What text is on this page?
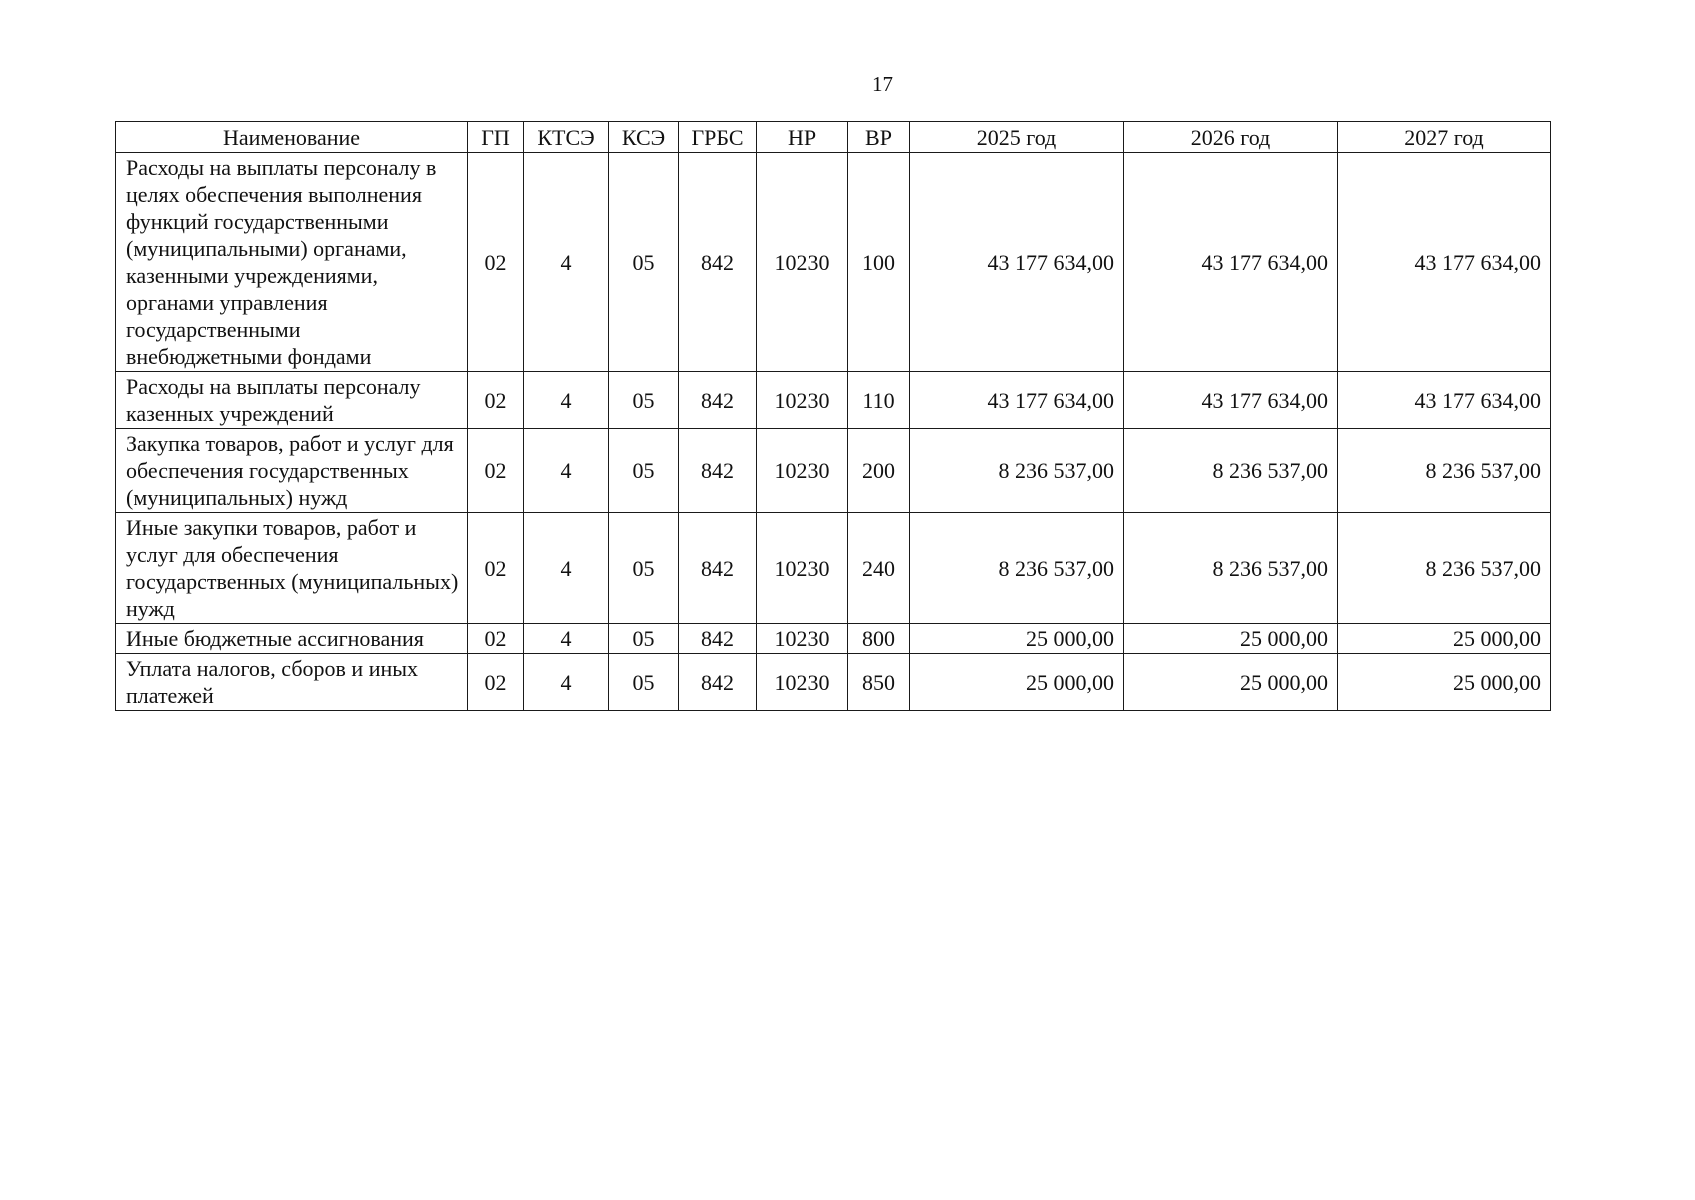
17
Наименование	ГП	КТСЭ	КСЭ	ГРБС	НР	ВР	2025 год	2026 год	2027 год
Расходы на выплаты персоналу в целях обеспечения выполнения функций государственными (муниципальными) органами, казенными учреждениями, органами управления государственными внебюджетными фондами	02	4	05	842	10230	100	43 177 634,00	43 177 634,00	43 177 634,00
Расходы на выплаты персоналу казенных учреждений	02	4	05	842	10230	110	43 177 634,00	43 177 634,00	43 177 634,00
Закупка товаров, работ и услуг для обеспечения государственных (муниципальных) нужд	02	4	05	842	10230	200	8 236 537,00	8 236 537,00	8 236 537,00
Иные закупки товаров, работ и услуг для обеспечения государственных (муниципальных) нужд	02	4	05	842	10230	240	8 236 537,00	8 236 537,00	8 236 537,00
Иные бюджетные ассигнования	02	4	05	842	10230	800	25 000,00	25 000,00	25 000,00
Уплата налогов, сборов и иных платежей	02	4	05	842	10230	850	25 000,00	25 000,00	25 000,00
